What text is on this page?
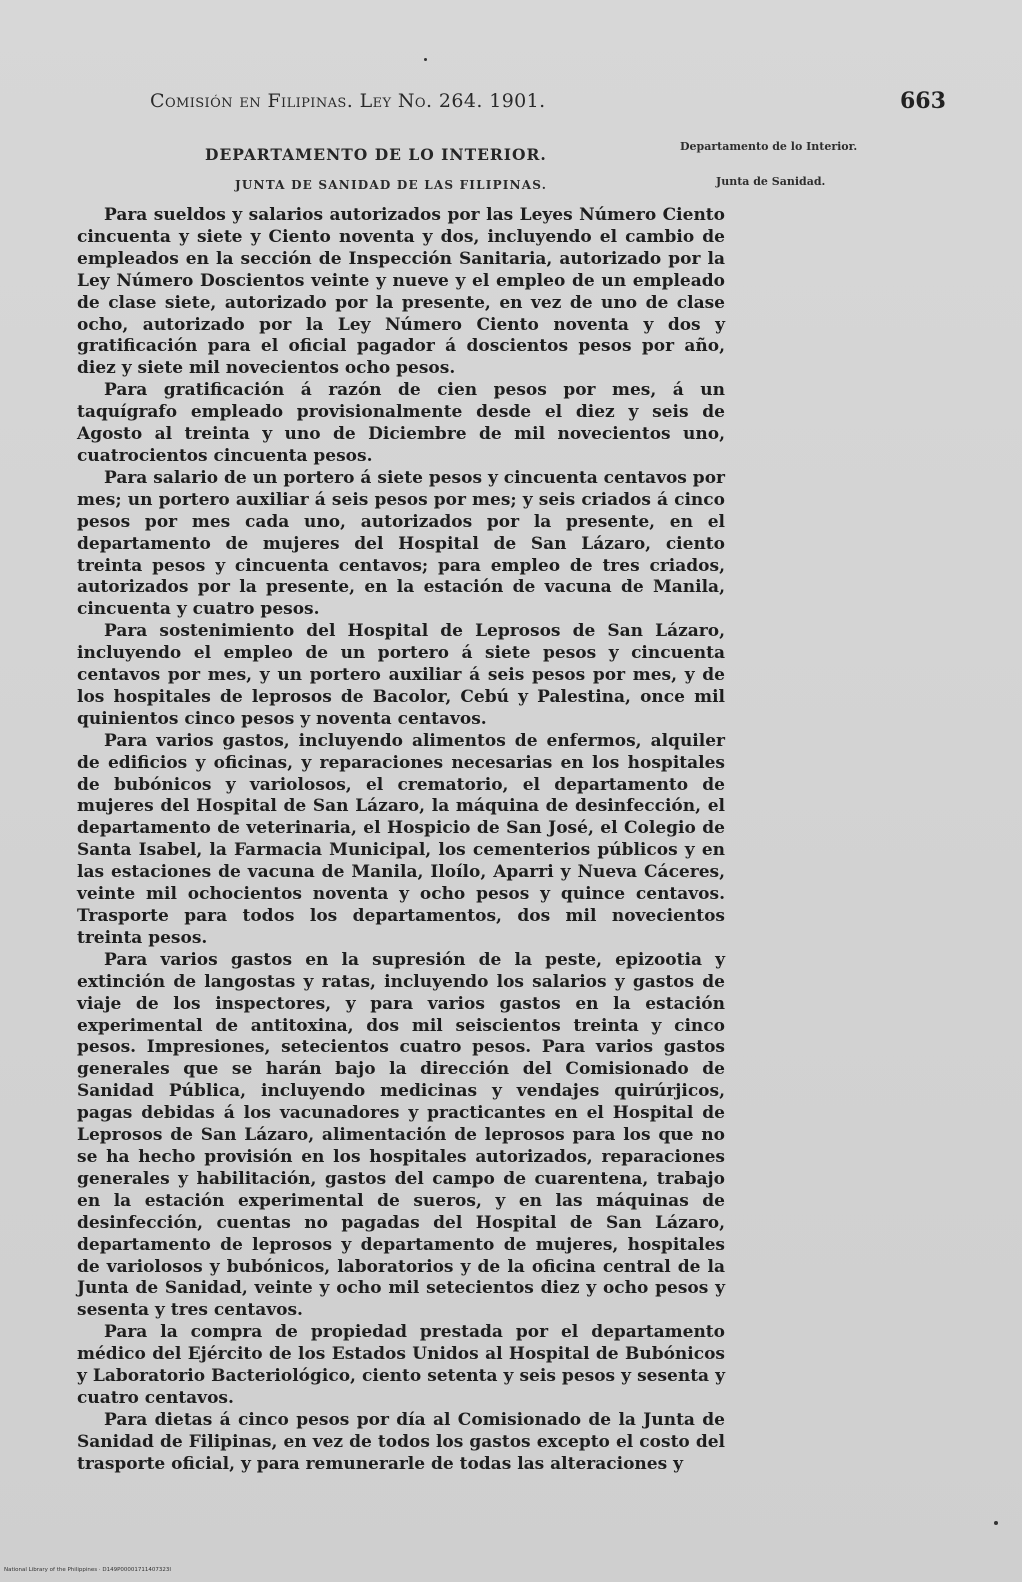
Comisión en Filipinas. Ley No. 264. 1901.	663
DEPARTAMENTO DE LO INTERIOR.
JUNTA DE SANIDAD DE LAS FILIPINAS.
Departamento de lo Interior.
Junta de Sanidad.

Para sueldos y salarios autorizados por las Leyes Número Ciento cincuenta y siete y Ciento noventa y dos, incluyendo el cambio de empleados en la sección de Inspección Sanitaria, autorizado por la Ley Número Doscientos veinte y nueve y el empleo de un empleado de clase siete, autorizado por la presente, en vez de uno de clase ocho, autorizado por la Ley Número Ciento noventa y dos y gratificación para el oficial pagador á doscientos pesos por año, diez y siete mil novecientos ocho pesos.

Para gratificación á razón de cien pesos por mes, á un taquígrafo empleado provisionalmente desde el diez y seis de Agosto al treinta y uno de Diciembre de mil novecientos uno, cuatrocientos cincuenta pesos.

Para salario de un portero á siete pesos y cincuenta centavos por mes; un portero auxiliar á seis pesos por mes; y seis criados á cinco pesos por mes cada uno, autorizados por la presente, en el departamento de mujeres del Hospital de San Lázaro, ciento treinta pesos y cincuenta centavos; para empleo de tres criados, autorizados por la presente, en la estación de vacuna de Manila, cincuenta y cuatro pesos.

Para sostenimiento del Hospital de Leprosos de San Lázaro, incluyendo el empleo de un portero á siete pesos y cincuenta centavos por mes, y un portero auxiliar á seis pesos por mes, y de los hospitales de leprosos de Bacolor, Cebú y Palestina, once mil quinientos cinco pesos y noventa centavos.

Para varios gastos, incluyendo alimentos de enfermos, alquiler de edificios y oficinas, y reparaciones necesarias en los hospitales de bubónicos y variolosos, el crematorio, el departamento de mujeres del Hospital de San Lázaro, la máquina de desinfección, el departamento de veterinaria, el Hospicio de San José, el Colegio de Santa Isabel, la Farmacia Municipal, los cementerios públicos y en las estaciones de vacuna de Manila, Iloílo, Aparri y Nueva Cáceres, veinte mil ochocientos noventa y ocho pesos y quince centavos. Trasporte para todos los departamentos, dos mil novecientos treinta pesos.

Para varios gastos en la supresión de la peste, epizootia y extinción de langostas y ratas, incluyendo los salarios y gastos de viaje de los inspectores, y para varios gastos en la estación experimental de antitoxina, dos mil seiscientos treinta y cinco pesos. Impresiones, setecientos cuatro pesos. Para varios gastos generales que se harán bajo la dirección del Comisionado de Sanidad Pública, incluyendo medicinas y vendajes quirúrjicos, pagas debidas á los vacunadores y practicantes en el Hospital de Leprosos de San Lázaro, alimentación de leprosos para los que no se ha hecho provisión en los hospitales autorizados, reparaciones generales y habilitación, gastos del campo de cuarentena, trabajo en la estación experimental de sueros, y en las máquinas de desinfección, cuentas no pagadas del Hospital de San Lázaro, departamento de leprosos y departamento de mujeres, hospitales de variolosos y bubónicos, laboratorios y de la oficina central de la Junta de Sanidad, veinte y ocho mil setecientos diez y ocho pesos y sesenta y tres centavos.

Para la compra de propiedad prestada por el departamento médico del Ejército de los Estados Unidos al Hospital de Bubónicos y Laboratorio Bacteriológico, ciento setenta y seis pesos y sesenta y cuatro centavos.

Para dietas á cinco pesos por día al Comisionado de la Junta de Sanidad de Filipinas, en vez de todos los gastos excepto el costo del trasporte oficial, y para remunerarle de todas las alteraciones y

National Library of the Philippines · D149P00001711407323I
